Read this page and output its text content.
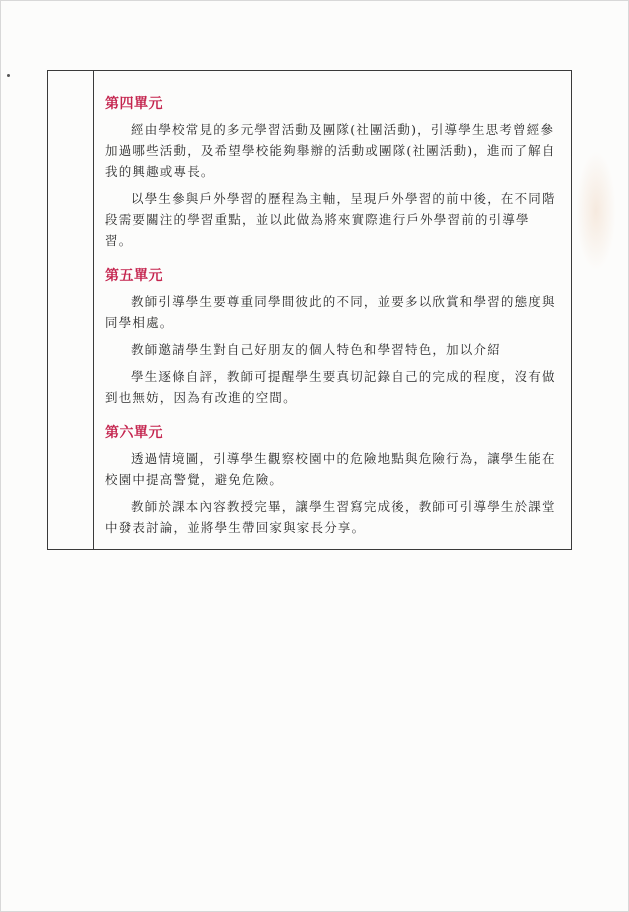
第四單元

經由學校常見的多元學習活動及團隊(社團活動)，引導學生思考曾經參加過哪些活動，及希望學校能夠舉辦的活動或團隊(社團活動)，進而了解自我的興趣或專長。

以學生參與戶外學習的歷程為主軸，呈現戶外學習的前中後，在不同階段需要關注的學習重點，並以此做為將來實際進行戶外學習前的引導學習。

第五單元

教師引導學生要尊重同學間彼此的不同，並要多以欣賞和學習的態度與同學相處。

教師邀請學生對自己好朋友的個人特色和學習特色，加以介紹

學生逐條自評，教師可提醒學生要真切記錄自己的完成的程度，沒有做到也無妨，因為有改進的空間。

第六單元

透過情境圖，引導學生觀察校園中的危險地點與危險行為，讓學生能在校園中提高警覺，避免危險。

教師於課本內容教授完畢，讓學生習寫完成後，教師可引導學生於課堂中發表討論，並將學生帶回家與家長分享。
